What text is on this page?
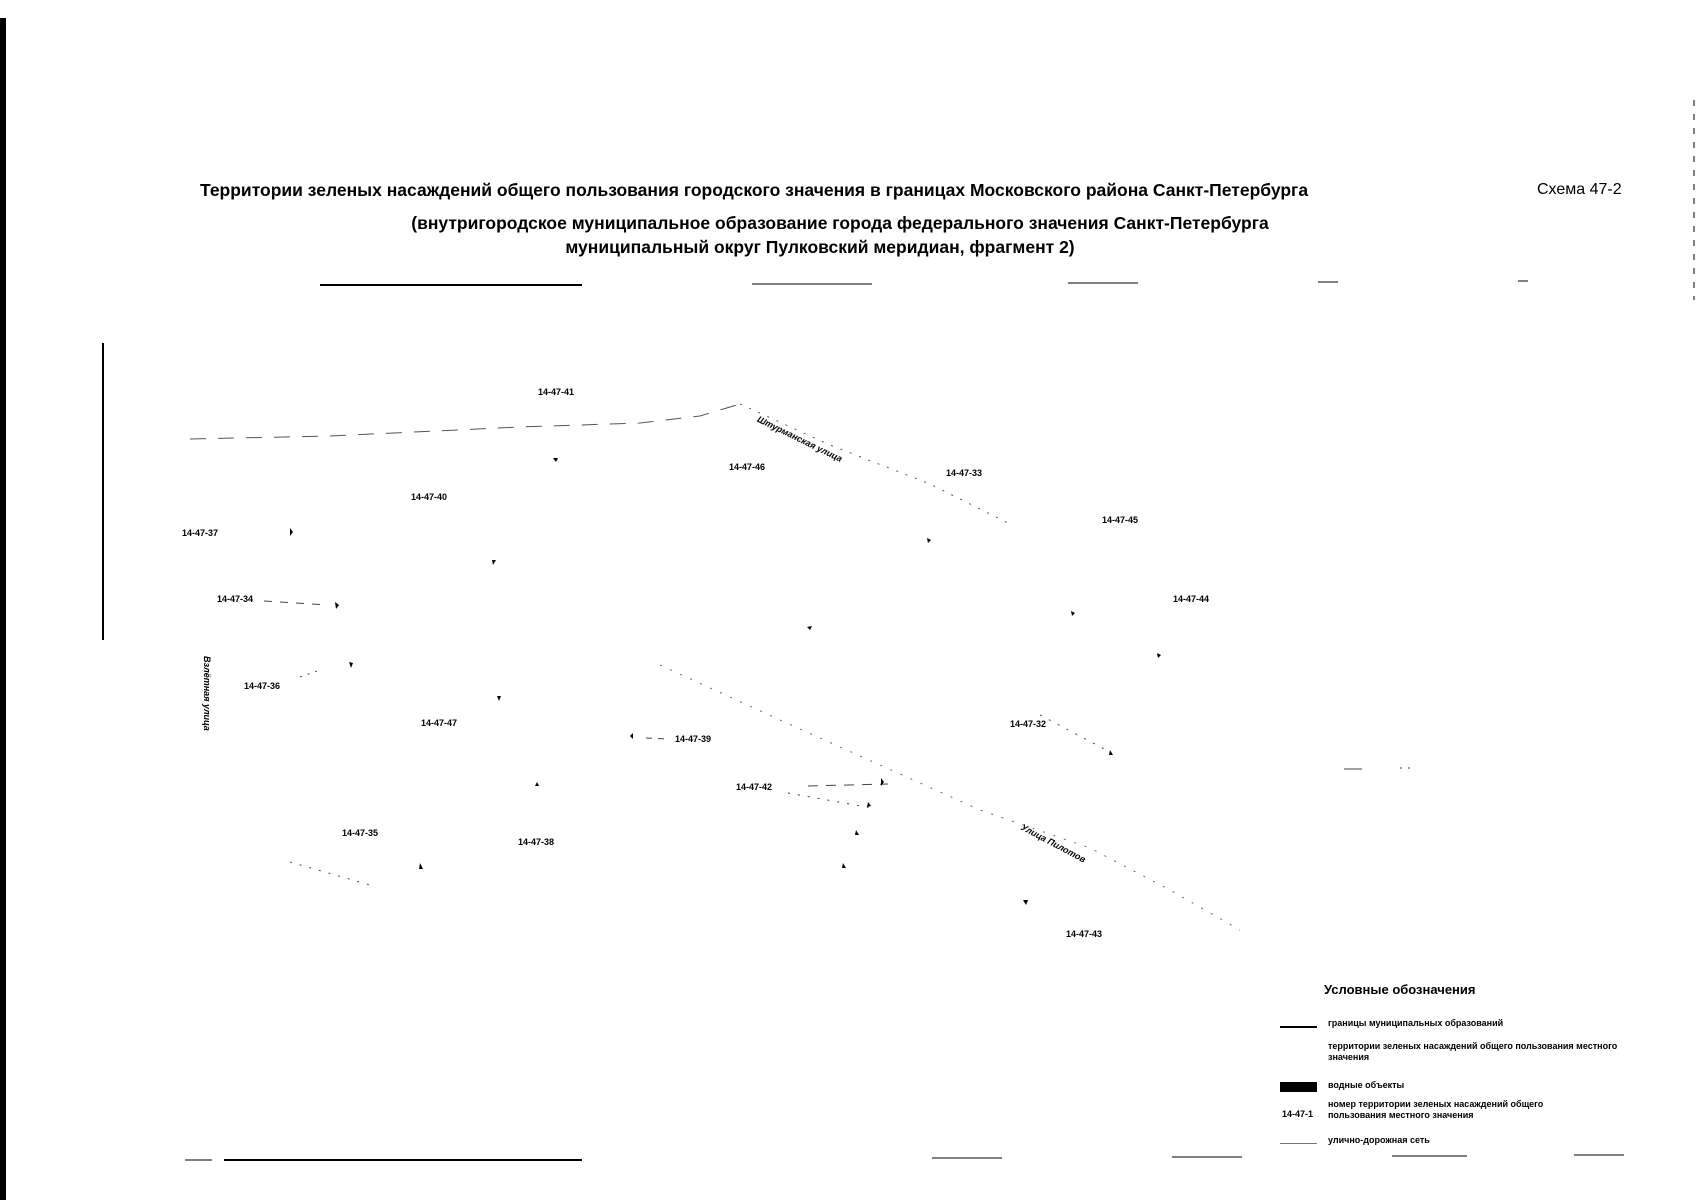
Территории зеленых насаждений общего пользования городского значения в границах Московского района Санкт-Петербурга
(внутригородское муниципальное образование города федерального значения Санкт-Петербурга
муниципальный округ Пулковский меридиан, фрагмент 2)
Схема 47-2
14-47-41
14-47-46
14-47-33
14-47-40
14-47-37
14-47-45
14-47-34	14-47-44
14-47-36
14-47-47
14-47-39
14-47-32
14-47-42
14-47-35
14-47-38
14-47-43
Штурманская улица
Взлётная улица
Улица Пилотов
Условные обозначения
границы муниципальных образований
территории зеленых насаждений общего пользования местного значения
водные объекты
14-47-1
номер территории зеленых насаждений общего пользования местного значения
улично-дорожная сеть
